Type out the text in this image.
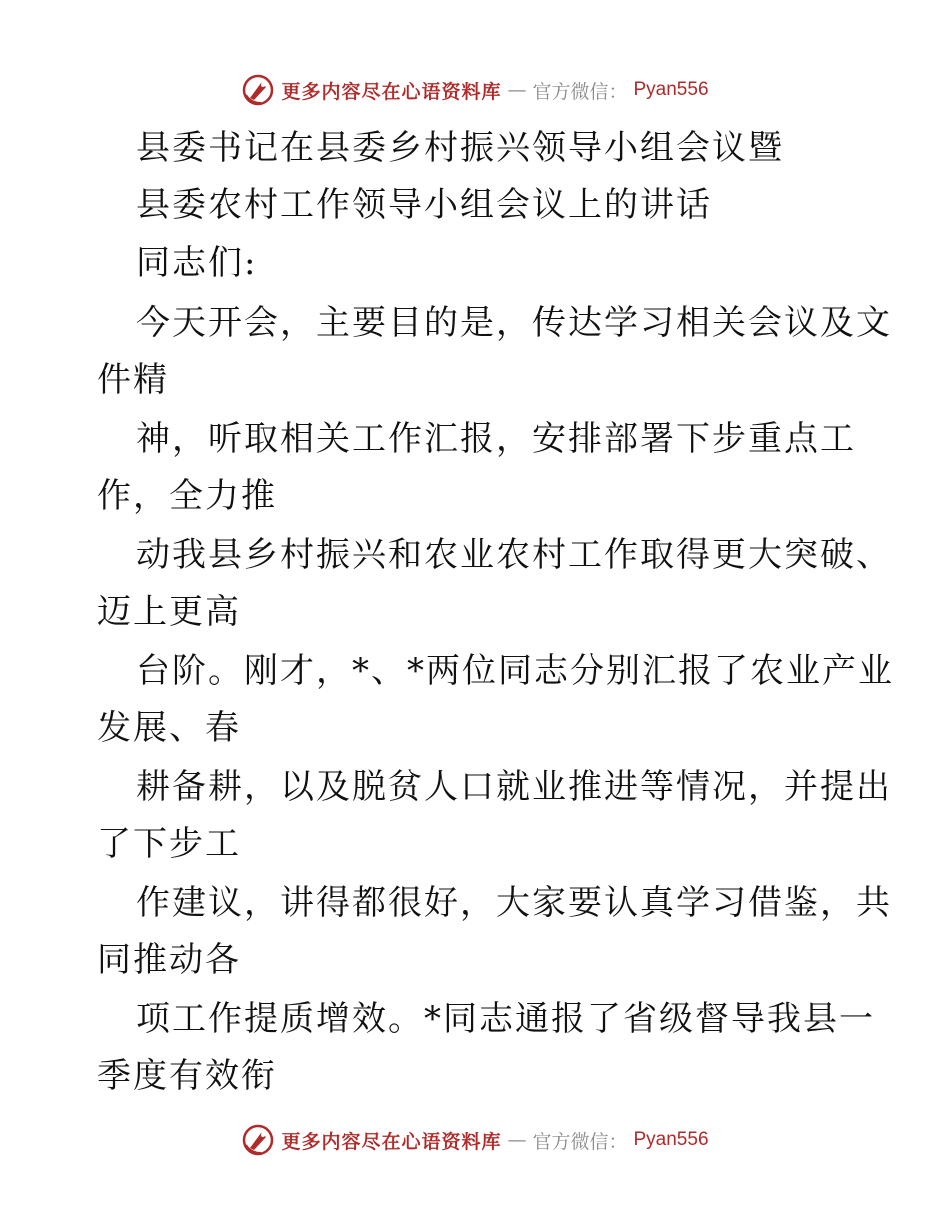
更多内容尽在心语资料库 — 官方微信： Pyan556
县委书记在县委乡村振兴领导小组会议暨
县委农村工作领导小组会议上的讲话
同志们:
今天开会，主要目的是，传达学习相关会议及文
件精
神，听取相关工作汇报，安排部署下步重点工
作，全力推
动我县乡村振兴和农业农村工作取得更大突破、
迈上更高
台阶。刚才，*、*两位同志分别汇报了农业产业
发展、春
耕备耕，以及脱贫人口就业推进等情况，并提出
了下步工
作建议，讲得都很好，大家要认真学习借鉴，共
同推动各
项工作提质增效。*同志通报了省级督导我县一
季度有效衔
更多内容尽在心语资料库 — 官方微信： Pyan556
